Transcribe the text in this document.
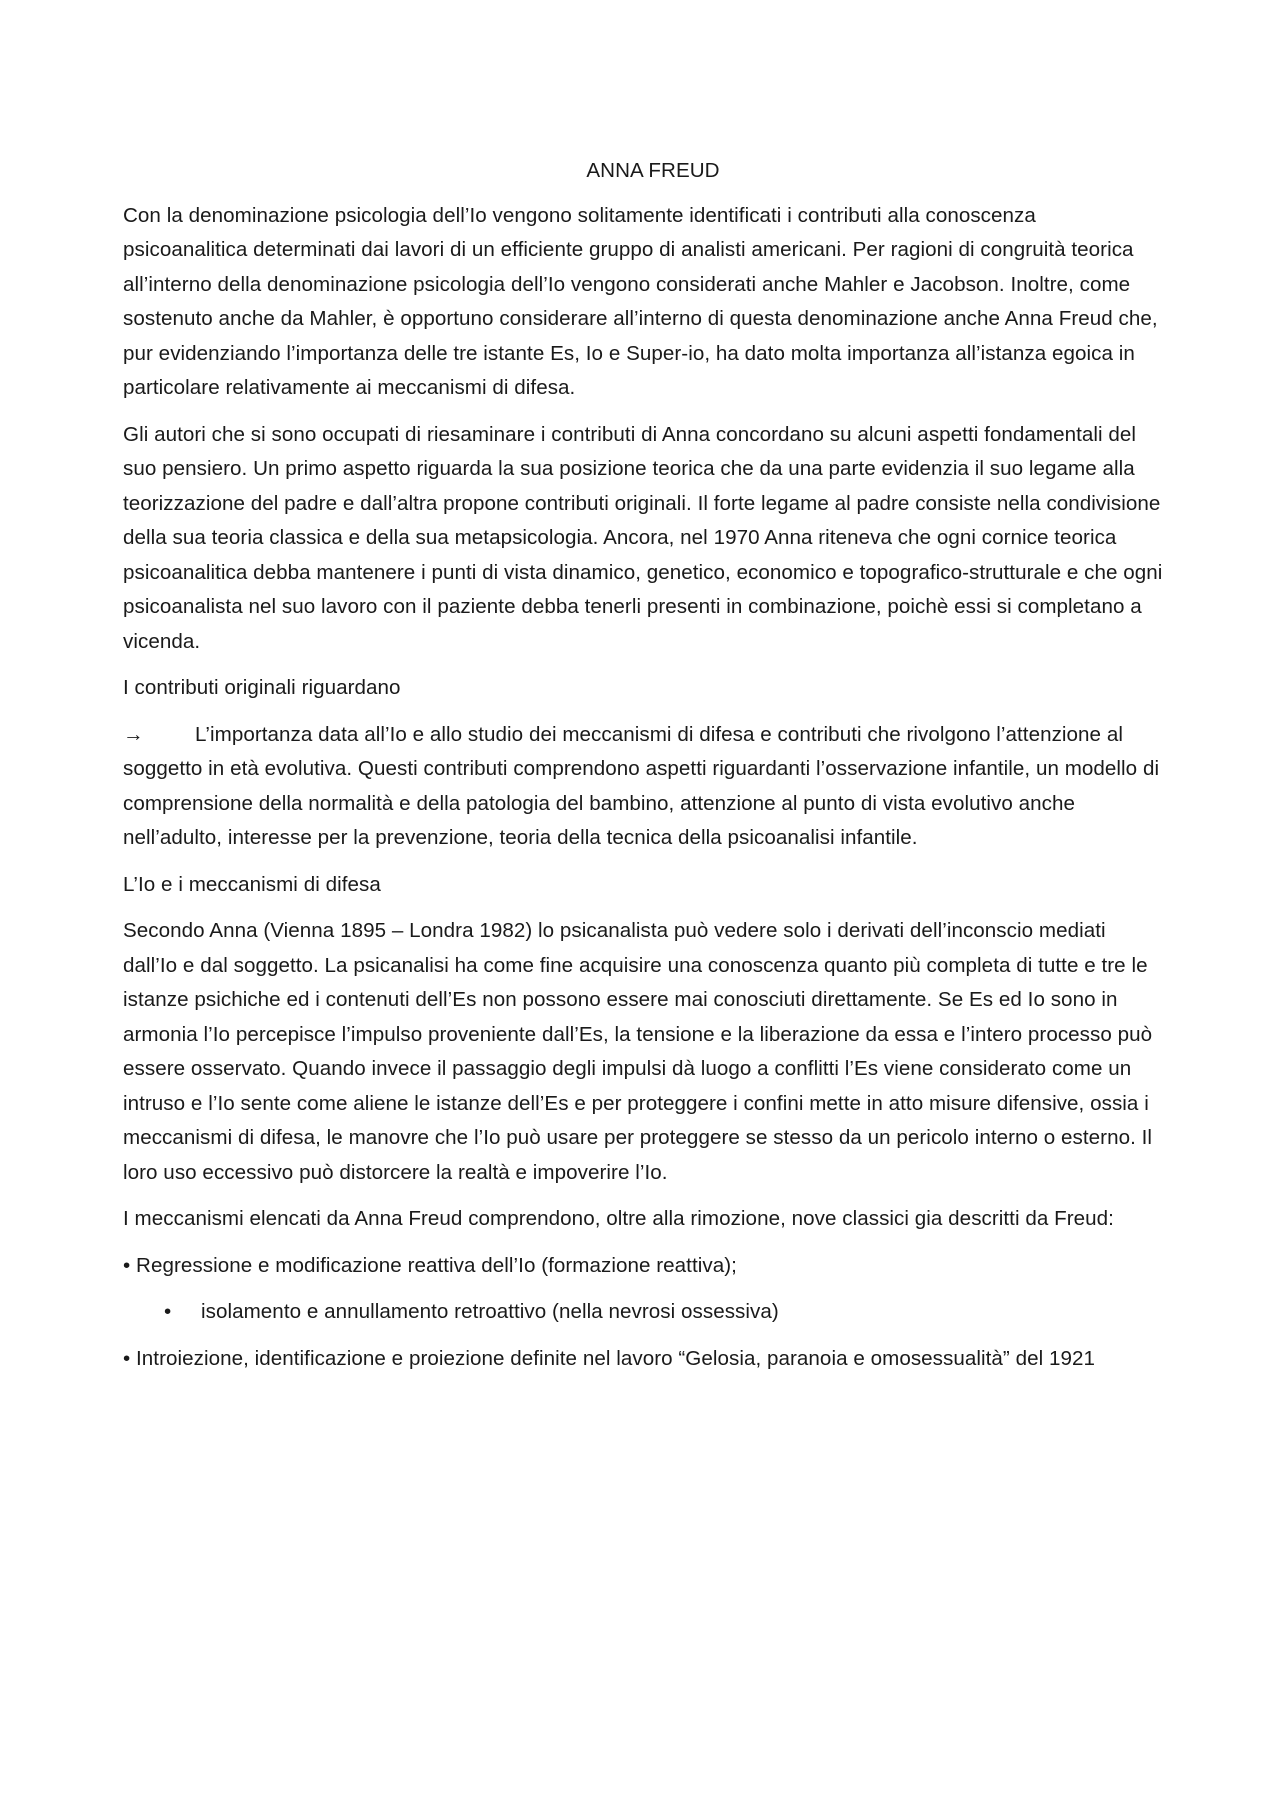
ANNA FREUD

Con la denominazione psicologia dell’Io vengono solitamente identificati i contributi alla conoscenza psicoanalitica determinati dai lavori di un efficiente gruppo di analisti americani. Per ragioni di congruità teorica all’interno della denominazione psicologia dell’Io vengono considerati anche Mahler e Jacobson. Inoltre, come sostenuto anche da Mahler, è opportuno considerare all’interno di questa denominazione anche Anna Freud che, pur evidenziando l’importanza delle tre istante Es, Io e Super-io, ha dato molta importanza all’istanza egoica in particolare relativamente ai meccanismi di difesa.

Gli autori che si sono occupati di riesaminare i contributi di Anna concordano su alcuni aspetti fondamentali del suo pensiero. Un primo aspetto riguarda la sua posizione teorica che da una parte evidenzia il suo legame alla teorizzazione del padre e dall’altra propone contributi originali. Il forte legame al padre consiste nella condivisione della sua teoria classica e della sua metapsicologia. Ancora, nel 1970 Anna riteneva che ogni cornice teorica psicoanalitica debba mantenere i punti di vista dinamico, genetico, economico e topografico-strutturale e che ogni psicoanalista nel suo lavoro con il paziente debba tenerli presenti in combinazione, poichè essi si completano a vicenda.

I contributi originali riguardano

→ L’importanza data all’Io e allo studio dei meccanismi di difesa e contributi che rivolgono l’attenzione al soggetto in età evolutiva. Questi contributi comprendono aspetti riguardanti l’osservazione infantile, un modello di comprensione della normalità e della patologia del bambino, attenzione al punto di vista evolutivo anche nell’adulto, interesse per la prevenzione, teoria della tecnica della psicoanalisi infantile.

L’Io e i meccanismi di difesa

Secondo Anna (Vienna 1895 – Londra 1982) lo psicanalista può vedere solo i derivati dell’inconscio mediati dall’Io e dal soggetto. La psicanalisi ha come fine acquisire una conoscenza quanto più completa di tutte e tre le istanze psichiche ed i contenuti dell’Es non possono essere mai conosciuti direttamente. Se Es ed Io sono in armonia l’Io percepisce l’impulso proveniente dall’Es, la tensione e la liberazione da essa e l’intero processo può essere osservato. Quando invece il passaggio degli impulsi dà luogo a conflitti l’Es viene considerato come un intruso e l’Io sente come aliene le istanze dell’Es e per proteggere i confini mette in atto misure difensive, ossia i meccanismi di difesa, le manovre che l’Io può usare per proteggere se stesso da un pericolo interno o esterno. Il loro uso eccessivo può distorcere la realtà e impoverire l’Io.

I meccanismi elencati da Anna Freud comprendono, oltre alla rimozione, nove classici gia descritti da Freud:

• Regressione e modificazione reattiva dell’Io (formazione reattiva);

• isolamento e annullamento retroattivo (nella nevrosi ossessiva)

• Introiezione, identificazione e proiezione definite nel lavoro “Gelosia, paranoia e omosessualità” del 1921
